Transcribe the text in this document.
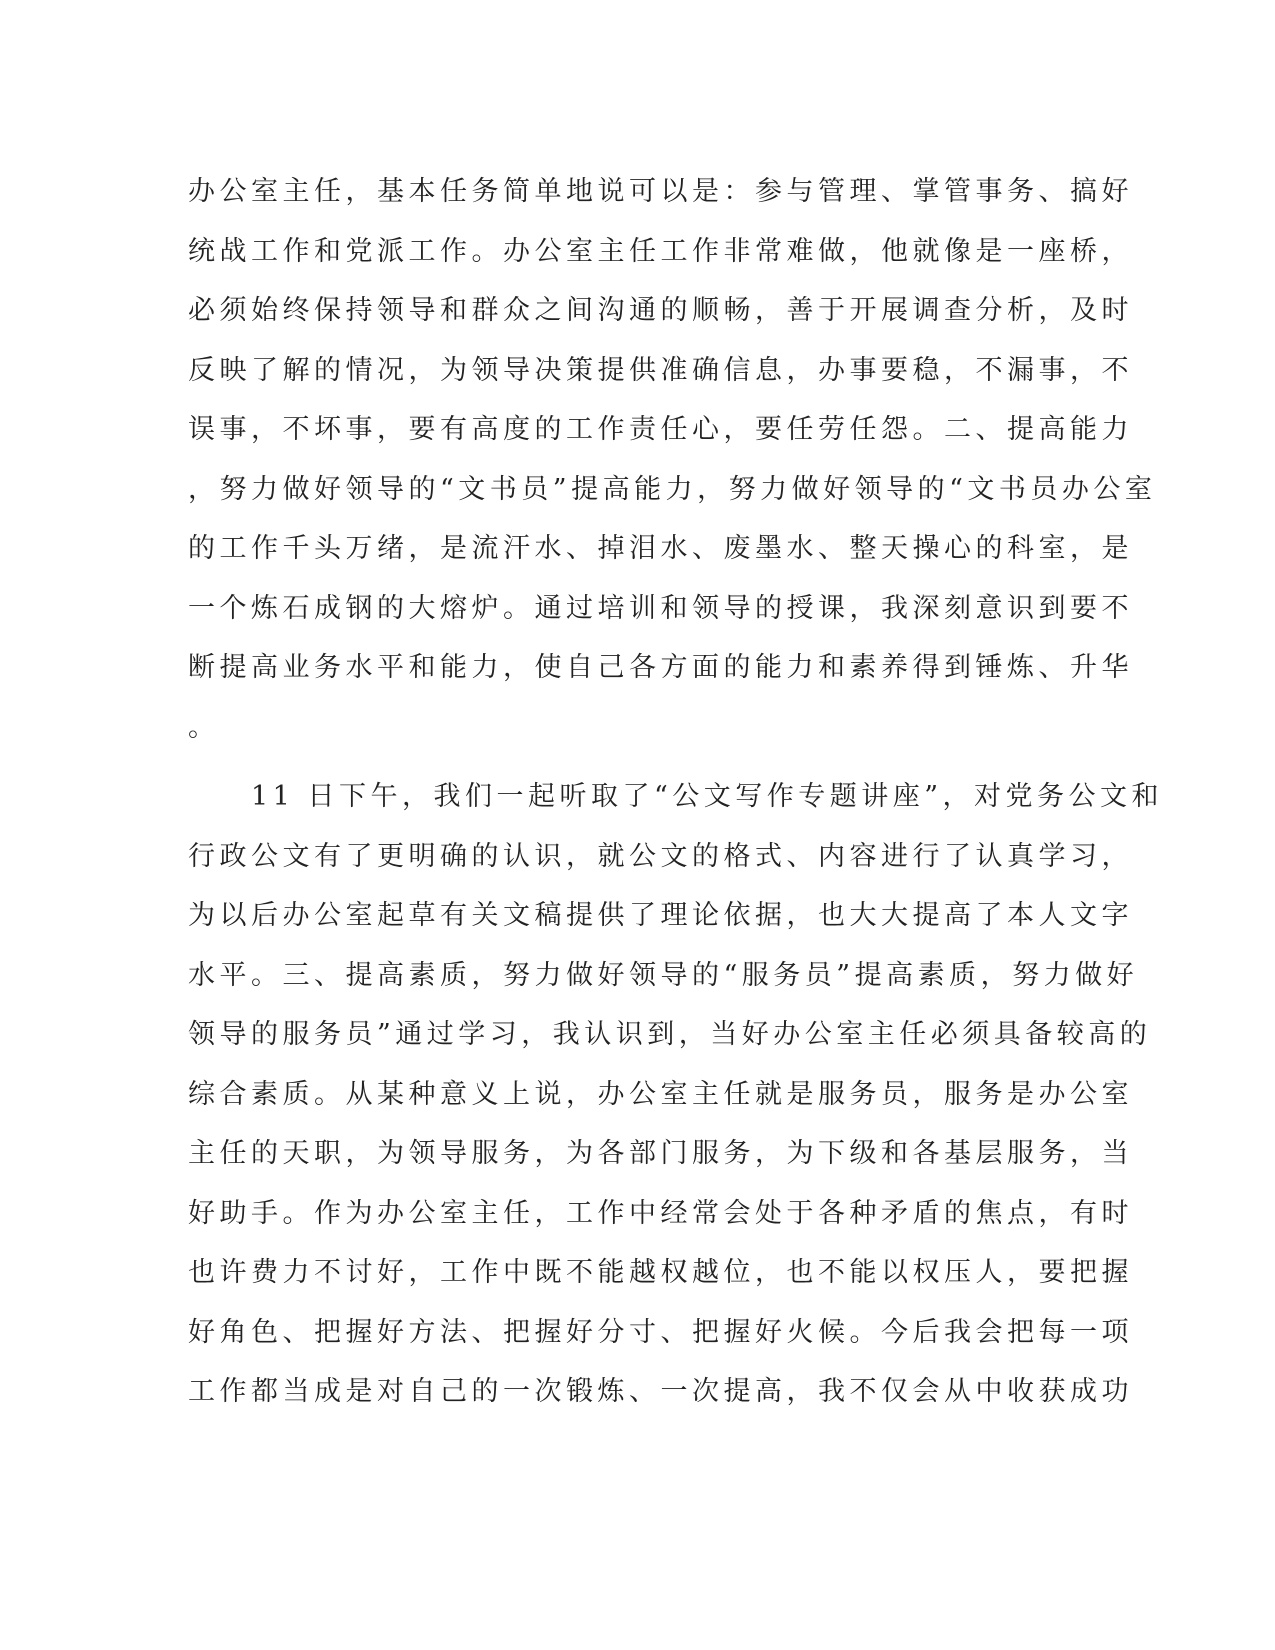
办公室主任，基本任务简单地说可以是：参与管理、掌管事务、搞好
统战工作和党派工作。办公室主任工作非常难做，他就像是一座桥，
必须始终保持领导和群众之间沟通的顺畅，善于开展调查分析，及时
反映了解的情况，为领导决策提供准确信息，办事要稳，不漏事，不
误事，不坏事，要有高度的工作责任心，要任劳任怨。二、提高能力
，努力做好领导的“文书员”提高能力，努力做好领导的“文书员办公室
的工作千头万绪，是流汗水、掉泪水、废墨水、整天操心的科室，是
一个炼石成钢的大熔炉。通过培训和领导的授课，我深刻意识到要不
断提高业务水平和能力，使自己各方面的能力和素养得到锤炼、升华
。
　　11 日下午，我们一起听取了“公文写作专题讲座”，对党务公文和
行政公文有了更明确的认识，就公文的格式、内容进行了认真学习，
为以后办公室起草有关文稿提供了理论依据，也大大提高了本人文字
水平。三、提高素质，努力做好领导的“服务员”提高素质，努力做好
领导的服务员”通过学习，我认识到，当好办公室主任必须具备较高的
综合素质。从某种意义上说，办公室主任就是服务员，服务是办公室
主任的天职，为领导服务，为各部门服务，为下级和各基层服务，当
好助手。作为办公室主任，工作中经常会处于各种矛盾的焦点，有时
也许费力不讨好，工作中既不能越权越位，也不能以权压人，要把握
好角色、把握好方法、把握好分寸、把握好火候。今后我会把每一项
工作都当成是对自己的一次锻炼、一次提高，我不仅会从中收获成功
